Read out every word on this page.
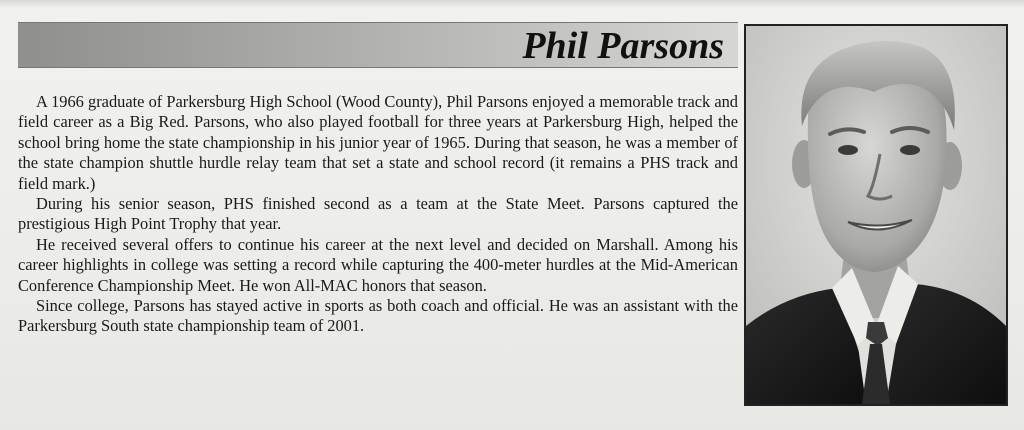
Phil Parsons

A 1966 graduate of Parkersburg High School (Wood County), Phil Parsons enjoyed a memorable track and field career as a Big Red. Parsons, who also played football for three years at Parkersburg High, helped the school bring home the state championship in his junior year of 1965. During that season, he was a member of the state champion shuttle hurdle relay team that set a state and school record (it remains a PHS track and field mark.)

During his senior season, PHS finished second as a team at the State Meet. Parsons captured the prestigious High Point Trophy that year.

He received several offers to continue his career at the next level and decided on Marshall. Among his career highlights in college was setting a record while capturing the 400-meter hurdles at the Mid-American Conference Championship Meet. He won All-MAC honors that season.

Since college, Parsons has stayed active in sports as both coach and official. He was an assistant with the Parkersburg South state championship team of 2001.
